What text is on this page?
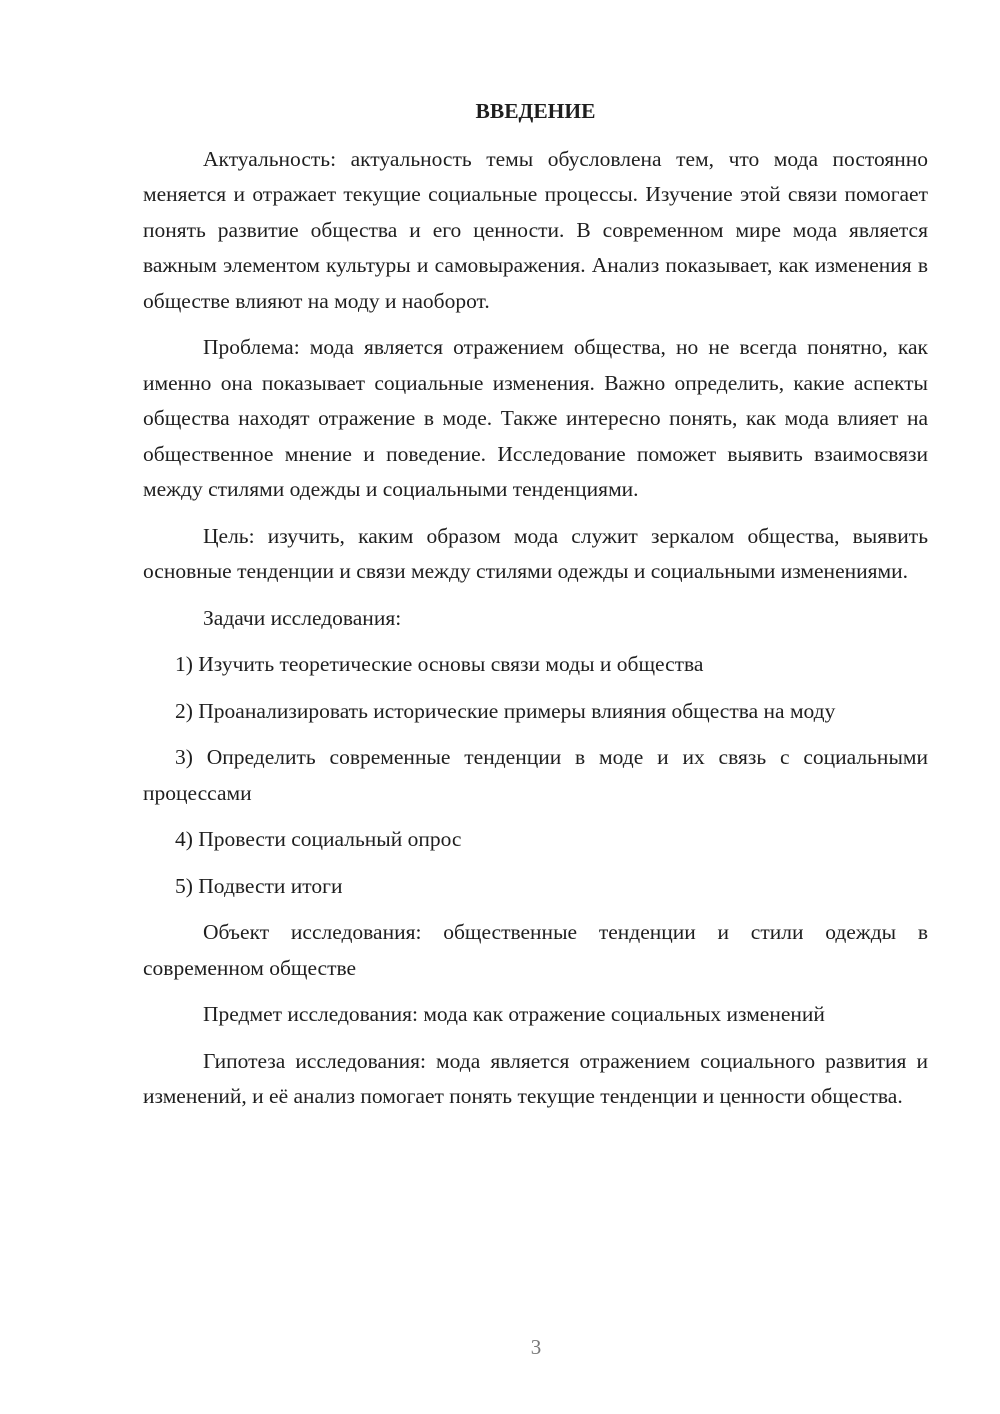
ВВЕДЕНИЕ

Актуальность: актуальность темы обусловлена тем, что мода постоянно меняется и отражает текущие социальные процессы. Изучение этой связи помогает понять развитие общества и его ценности. В современном мире мода является важным элементом культуры и самовыражения. Анализ показывает, как изменения в обществе влияют на моду и наоборот.

Проблема: мода является отражением общества, но не всегда понятно, как именно она показывает социальные изменения. Важно определить, какие аспекты общества находят отражение в моде. Также интересно понять, как мода влияет на общественное мнение и поведение. Исследование поможет выявить взаимосвязи между стилями одежды и социальными тенденциями.

Цель: изучить, каким образом мода служит зеркалом общества, выявить основные тенденции и связи между стилями одежды и социальными изменениями.

Задачи исследования:

1) Изучить теоретические основы связи моды и общества

2) Проанализировать исторические примеры влияния общества на моду

3) Определить современные тенденции в моде и их связь с социальными процессами

4) Провести социальный опрос

5) Подвести итоги

Объект исследования: общественные тенденции и стили одежды в современном обществе

Предмет исследования: мода как отражение социальных изменений

Гипотеза исследования: мода является отражением социального развития и изменений, и её анализ помогает понять текущие тенденции и ценности общества.

3
